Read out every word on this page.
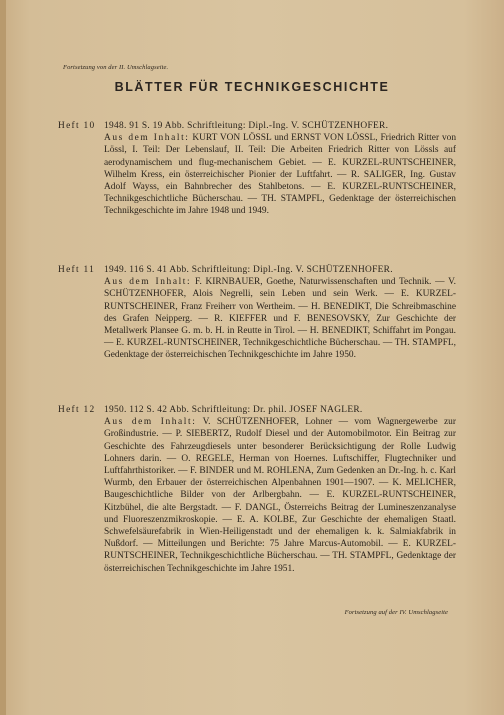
Fortsetzung von der II. Umschlagseite.
BLÄTTER FÜR TECHNIKGESCHICHTE
Heft 10 1948. 91 S. 19 Abb. Schriftleitung: Dipl.-Ing. V. SCHÜTZENHOFER.
Aus dem Inhalt: KURT VON LÖSSL und ERNST VON LÖSSL, Friedrich Ritter von Lössl, I. Teil: Der Lebenslauf, II. Teil: Die Arbeiten Friedrich Ritter von Lössls auf aerodynamischem und flug-mechanischem Gebiet. — E. KURZEL-RUNTSCHEINER, Wilhelm Kress, ein österreichischer Pionier der Luftfahrt. — R. SALIGER, Ing. Gustav Adolf Wayss, ein Bahnbrecher des Stahlbetons. — E. KURZEL-RUNTSCHEINER, Technikgeschichtliche Bücherschau. — TH. STAMPFL, Gedenktage der österreichischen Technikgeschichte im Jahre 1948 und 1949.
Heft 11 1949. 116 S. 41 Abb. Schriftleitung: Dipl.-Ing. V. SCHÜTZENHOFER.
Aus dem Inhalt: F. KIRNBAUER, Goethe, Naturwissenschaften und Technik. — V. SCHÜTZENHOFER, Alois Negrelli, sein Leben und sein Werk. — E. KURZEL-RUNTSCHEINER, Franz Freiherr von Wertheim. — H. BENEDIKT, Die Schreibmaschine des Grafen Neipperg. — R. KIEFFER und F. BENESOVSKY, Zur Geschichte der Metallwerk Plansee G. m. b. H. in Reutte in Tirol. — H. BENEDIKT, Schiffahrt im Pongau. — E. KURZEL-RUNTSCHEINER, Technikgeschichtliche Bücherschau. — TH. STAMPFL, Gedenktage der österreichischen Technikgeschichte im Jahre 1950.
Heft 12 1950. 112 S. 42 Abb. Schriftleitung: Dr. phil. JOSEF NAGLER.
Aus dem Inhalt: V. SCHÜTZENHOFER, Lohner — vom Wagnergewerbe zur Großindustrie. — P. SIEBERTZ, Rudolf Diesel und der Automobilmotor. Ein Beitrag zur Geschichte des Fahrzeugdiesels unter besonderer Berücksichtigung der Rolle Ludwig Lohners darin. — O. REGELE, Herman von Hoernes. Luftschiffer, Flugtechniker und Luftfahrthistoriker. — F. BINDER und M. ROHLENA, Zum Gedenken an Dr.-Ing. h. c. Karl Wurmb, den Erbauer der österreichischen Alpenbahnen 1901—1907. — K. MELICHER, Baugeschichtliche Bilder von der Arlbergbahn. — E. KURZEL-RUNTSCHEINER, Kitzbühel, die alte Bergstadt. — F. DANGL, Österreichs Beitrag der Lumineszenzanalyse und Fluoreszenzmikroskopie. — E. A. KOLBE, Zur Geschichte der ehemaligen Staatl. Schwefelsäurefabrik in Wien-Heiligenstadt und der ehemaligen k. k. Salmiakfabrik in Nußdorf. — Mitteilungen und Berichte: 75 Jahre Marcus-Automobil. — E. KURZEL-RUNTSCHEINER, Technikgeschichtliche Bücherschau. — TH. STAMPFL, Gedenktage der österreichischen Technikgeschichte im Jahre 1951.
Fortsetzung auf der IV. Umschlagseite
